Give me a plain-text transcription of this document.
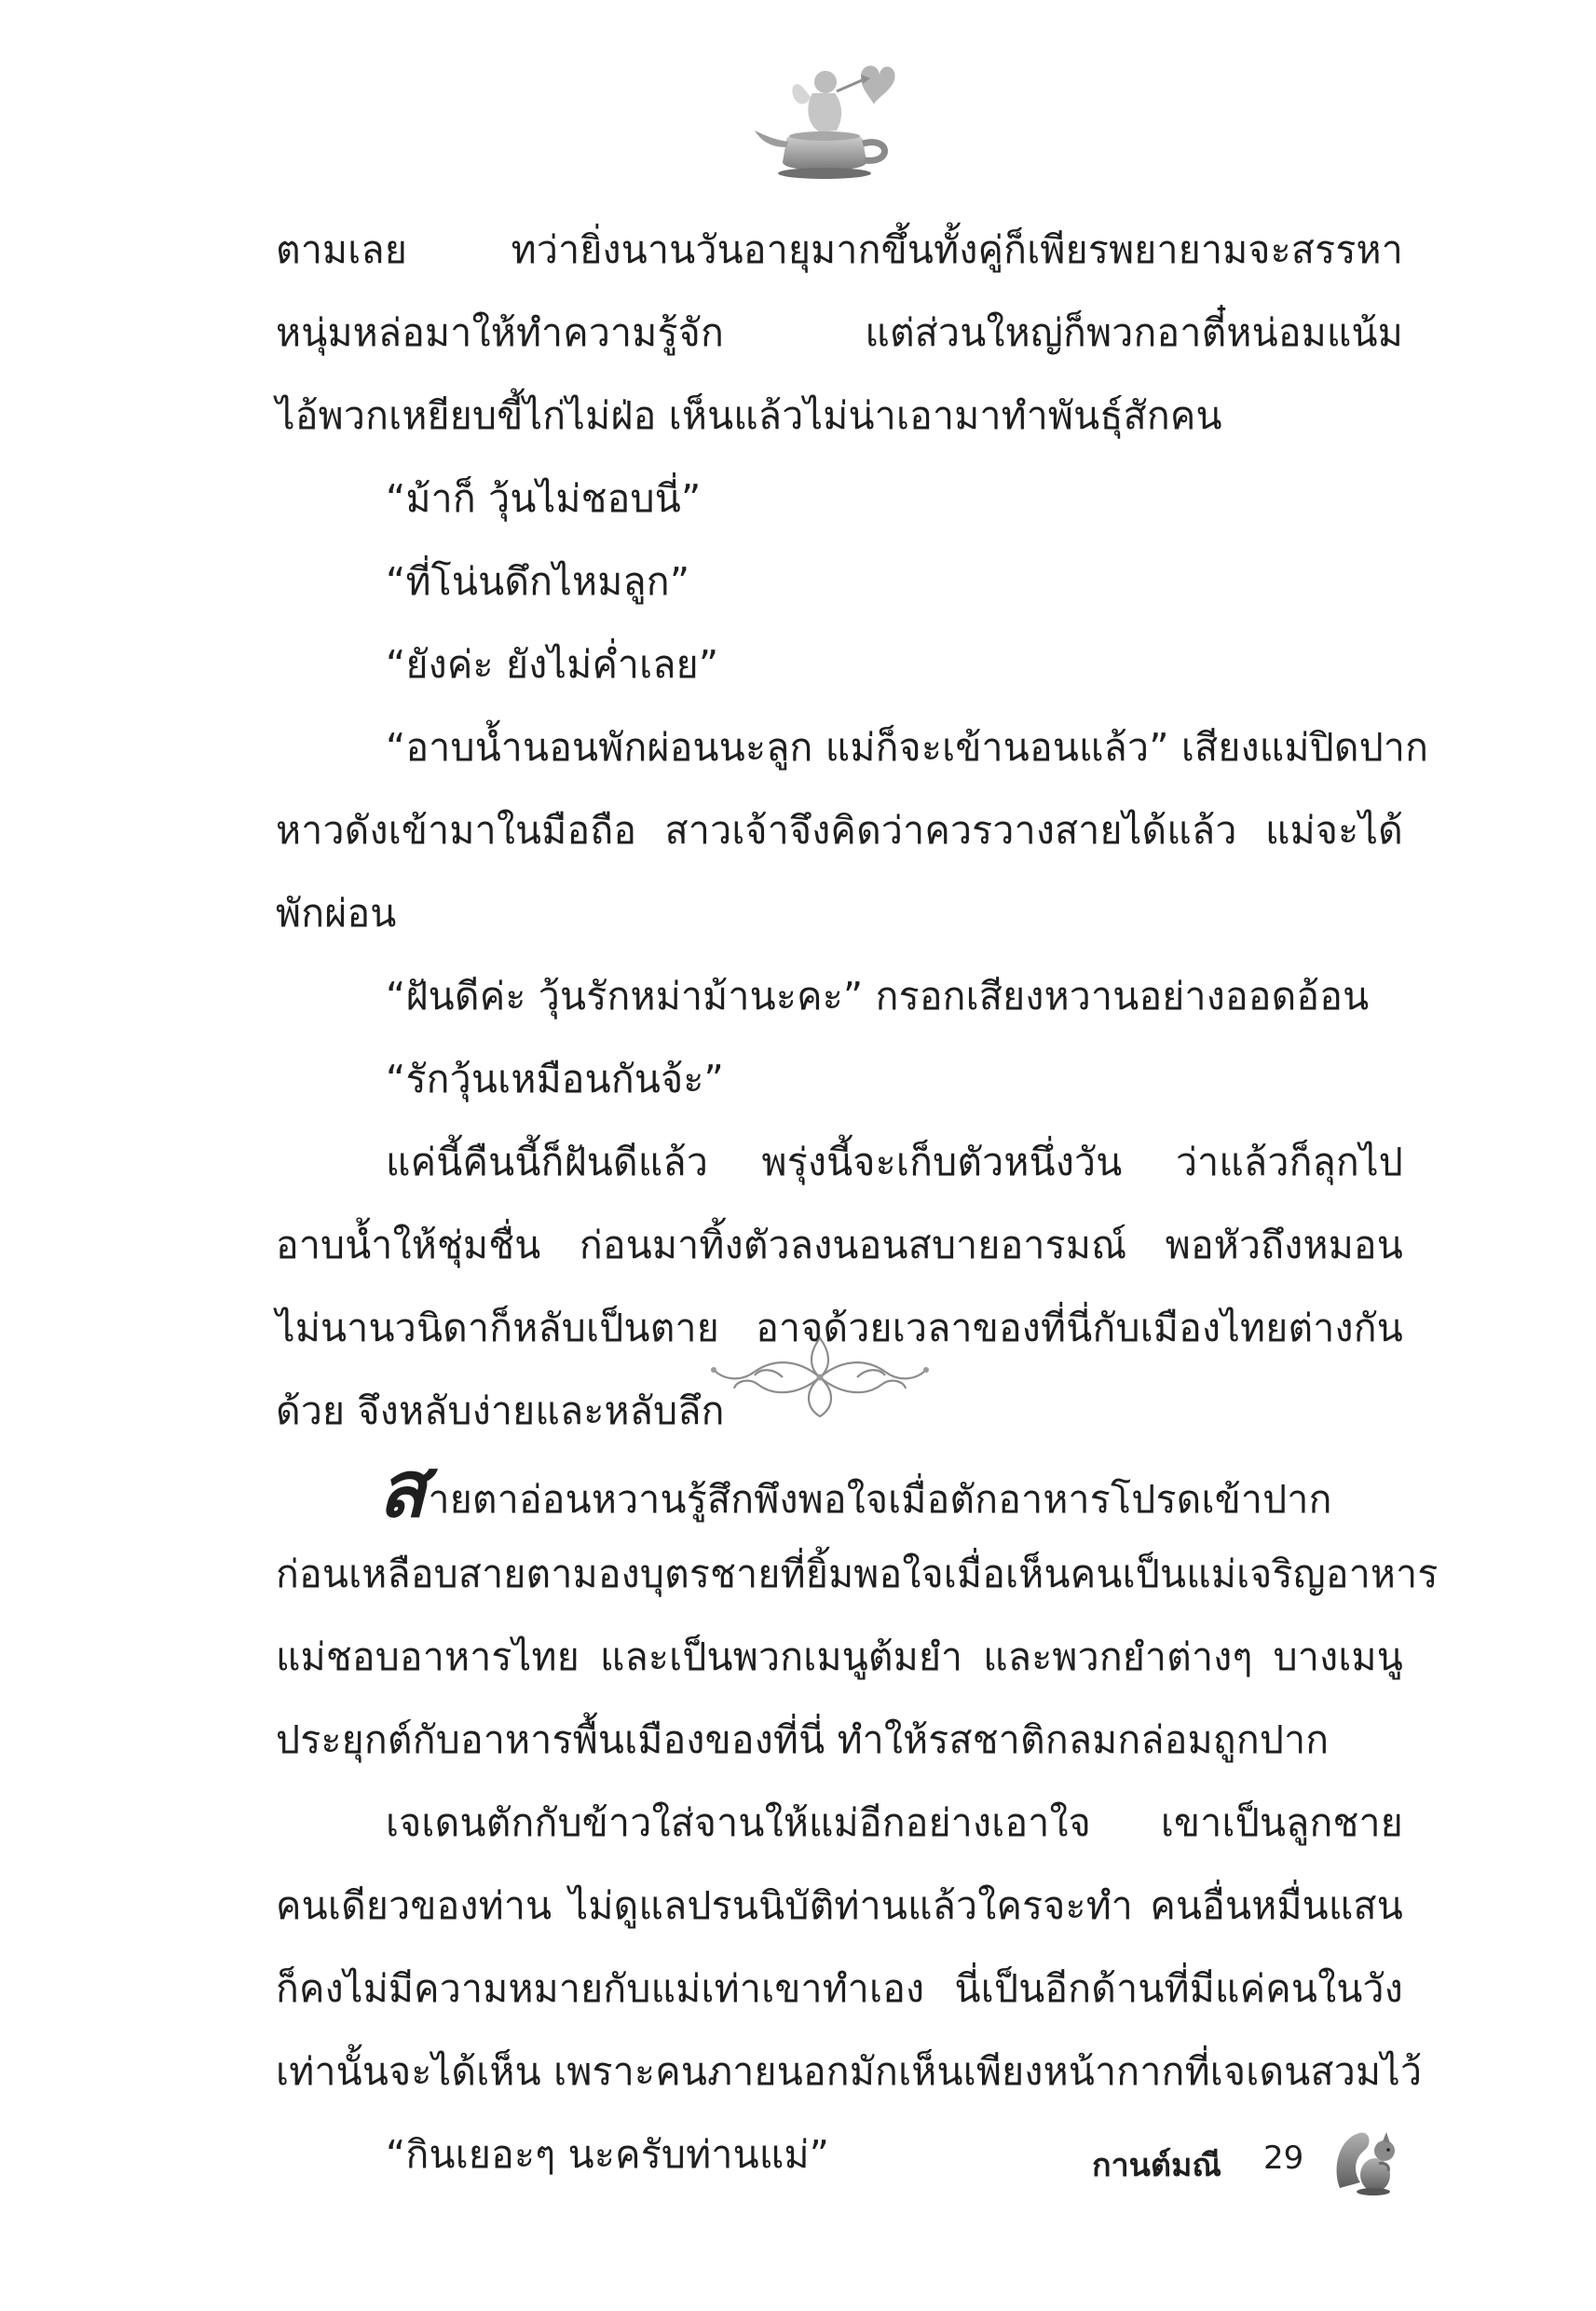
ตามเลย ทว่ายิ่งนานวันอายุมากขึ้นทั้งคู่ก็เพียรพยายามจะสรรหา
หนุ่มหล่อมาให้ทำความรู้จัก แต่ส่วนใหญ่ก็พวกอาตี๋หน่อมแน้ม
ไอ้พวกเหยียบขี้ไก่ไม่ฝ่อ เห็นแล้วไม่น่าเอามาทำพันธุ์สักคน
“ม้าก็ วุ้นไม่ชอบนี่”
“ที่โน่นดึกไหมลูก”
“ยังค่ะ ยังไม่ค่ำเลย”
“อาบน้ำนอนพักผ่อนนะลูก แม่ก็จะเข้านอนแล้ว” เสียงแม่ปิดปาก
หาวดังเข้ามาในมือถือ สาวเจ้าจึงคิดว่าควรวางสายได้แล้ว แม่จะได้
พักผ่อน
“ฝันดีค่ะ วุ้นรักหม่าม้านะคะ” กรอกเสียงหวานอย่างออดอ้อน
“รักวุ้นเหมือนกันจ้ะ”
แค่นี้คืนนี้ก็ฝันดีแล้ว พรุ่งนี้จะเก็บตัวหนึ่งวัน ว่าแล้วก็ลุกไป
อาบน้ำให้ชุ่มชื่น ก่อนมาทิ้งตัวลงนอนสบายอารมณ์ พอหัวถึงหมอน
ไม่นานวนิดาก็หลับเป็นตาย อาจด้วยเวลาของที่นี่กับเมืองไทยต่างกัน
ด้วย จึงหลับง่ายและหลับลึก
สายตาอ่อนหวานรู้สึกพึงพอใจเมื่อตักอาหารโปรดเข้าปาก
ก่อนเหลือบสายตามองบุตรชายที่ยิ้มพอใจเมื่อเห็นคนเป็นแม่เจริญอาหาร
แม่ชอบอาหารไทย และเป็นพวกเมนูต้มยำ และพวกยำต่างๆ บางเมนู
ประยุกต์กับอาหารพื้นเมืองของที่นี่ ทำให้รสชาติกลมกล่อมถูกปาก
เจเดนตักกับข้าวใส่จานให้แม่อีกอย่างเอาใจ เขาเป็นลูกชาย
คนเดียวของท่าน ไม่ดูแลปรนนิบัติท่านแล้วใครจะทำ คนอื่นหมื่นแสน
ก็คงไม่มีความหมายกับแม่เท่าเขาทำเอง นี่เป็นอีกด้านที่มีแค่คนในวัง
เท่านั้นจะได้เห็น เพราะคนภายนอกมักเห็นเพียงหน้ากากที่เจเดนสวมไว้
“กินเยอะๆ นะครับท่านแม่”	กานต์มณี 29
